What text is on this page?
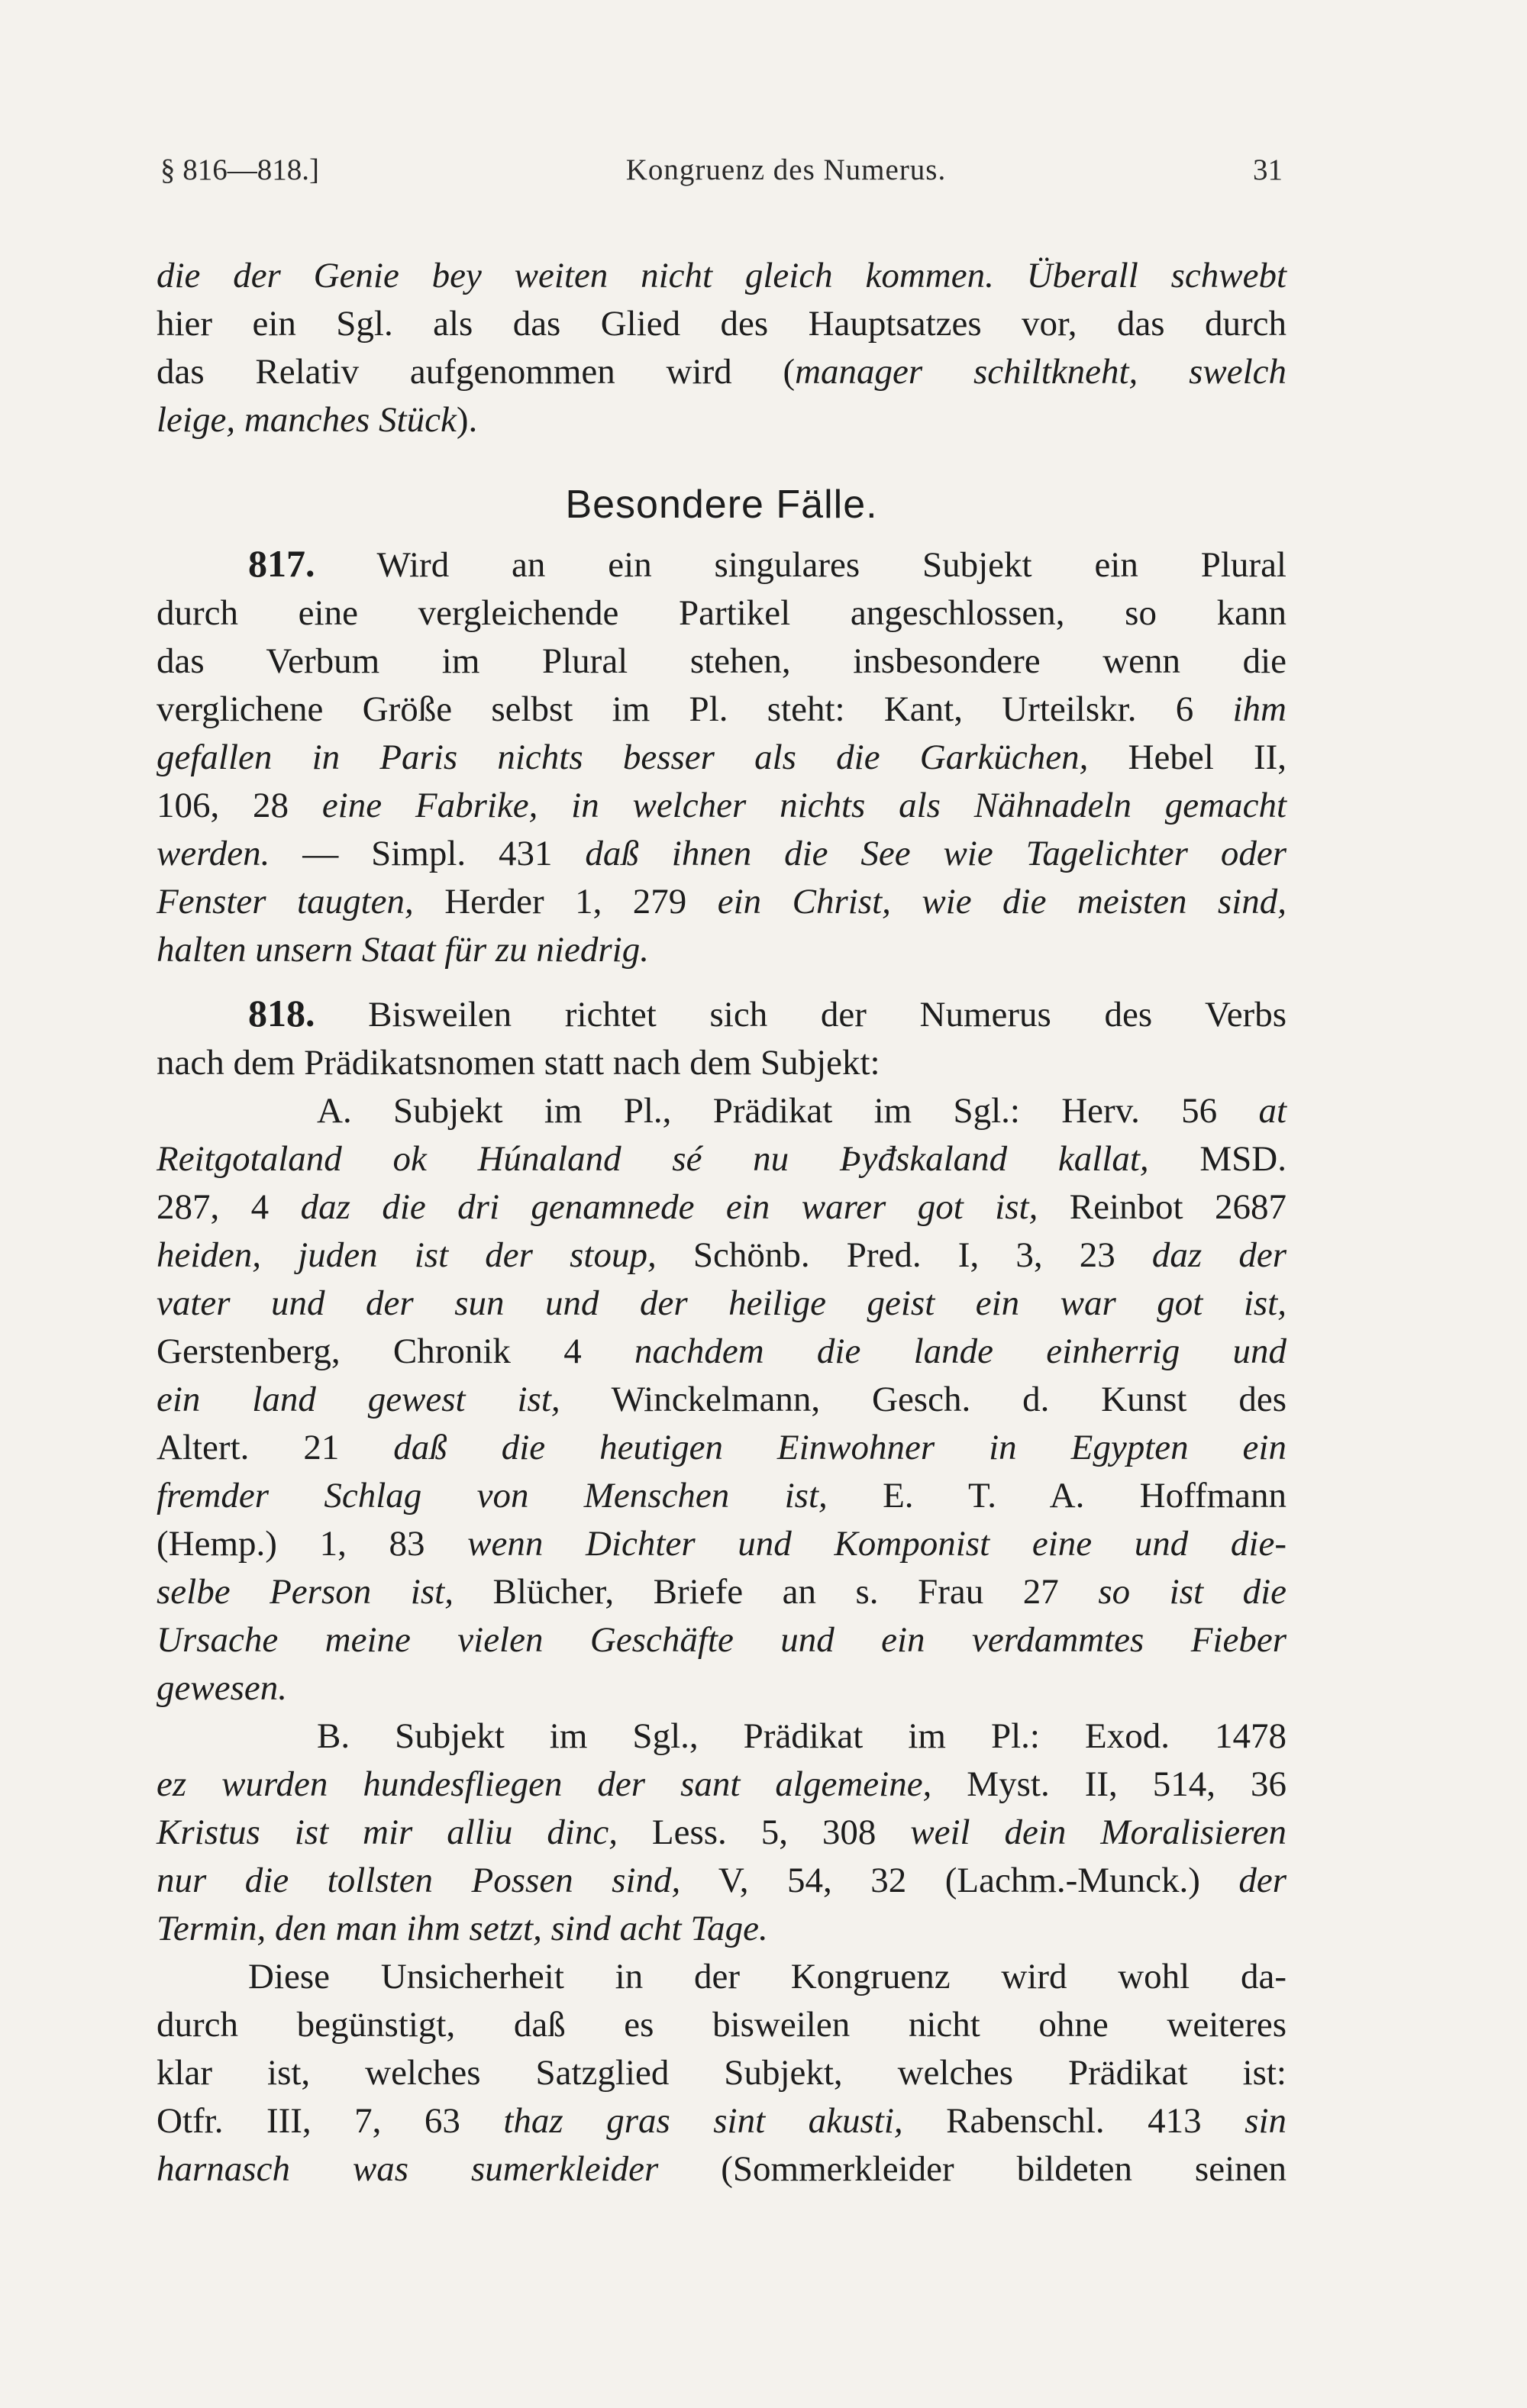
§ 816—818.]	Kongruenz des Numerus.	31
die der Genie bey weiten nicht gleich kommen. Überall schwebt
hier ein Sgl. als das Glied des Hauptsatzes vor, das durch
das Relativ aufgenommen wird (manager schiltkneht, swelch
leige, manches Stück).
Besondere Fälle.
817. Wird an ein singulares Subjekt ein Plural
durch eine vergleichende Partikel angeschlossen, so kann
das Verbum im Plural stehen, insbesondere wenn die
verglichene Größe selbst im Pl. steht: Kant, Urteilskr. 6 ihm
gefallen in Paris nichts besser als die Garküchen, Hebel II,
106, 28 eine Fabrike, in welcher nichts als Nähnadeln gemacht
werden. — Simpl. 431 daß ihnen die See wie Tagelichter oder
Fenster taugten, Herder 1, 279 ein Christ, wie die meisten sind,
halten unsern Staat für zu niedrig.
818. Bisweilen richtet sich der Numerus des Verbs
nach dem Prädikatsnomen statt nach dem Subjekt:
A. Subjekt im Pl., Prädikat im Sgl.: Herv. 56 at
Reitgotaland ok Húnaland sé nu Þyđskaland kallat, MSD.
287, 4 daz die dri genamnede ein warer got ist, Reinbot 2687
heiden, juden ist der stoup, Schönb. Pred. I, 3, 23 daz der
vater und der sun und der heilige geist ein war got ist,
Gerstenberg, Chronik 4 nachdem die lande einherrig und
ein land gewest ist, Winckelmann, Gesch. d. Kunst des
Altert. 21 daß die heutigen Einwohner in Egypten ein
fremder Schlag von Menschen ist, E. T. A. Hoffmann
(Hemp.) 1, 83 wenn Dichter und Komponist eine und die-
selbe Person ist, Blücher, Briefe an s. Frau 27 so ist die
Ursache meine vielen Geschäfte und ein verdammtes Fieber
gewesen.
B. Subjekt im Sgl., Prädikat im Pl.: Exod. 1478
ez wurden hundesfliegen der sant algemeine, Myst. II, 514, 36
Kristus ist mir alliu dinc, Less. 5, 308 weil dein Moralisieren
nur die tollsten Possen sind, V, 54, 32 (Lachm.-Munck.) der
Termin, den man ihm setzt, sind acht Tage.
Diese Unsicherheit in der Kongruenz wird wohl da-
durch begünstigt, daß es bisweilen nicht ohne weiteres
klar ist, welches Satzglied Subjekt, welches Prädikat ist:
Otfr. III, 7, 63 thaz gras sint akusti, Rabenschl. 413 sin
harnasch was sumerkleider (Sommerkleider bildeten seinen
